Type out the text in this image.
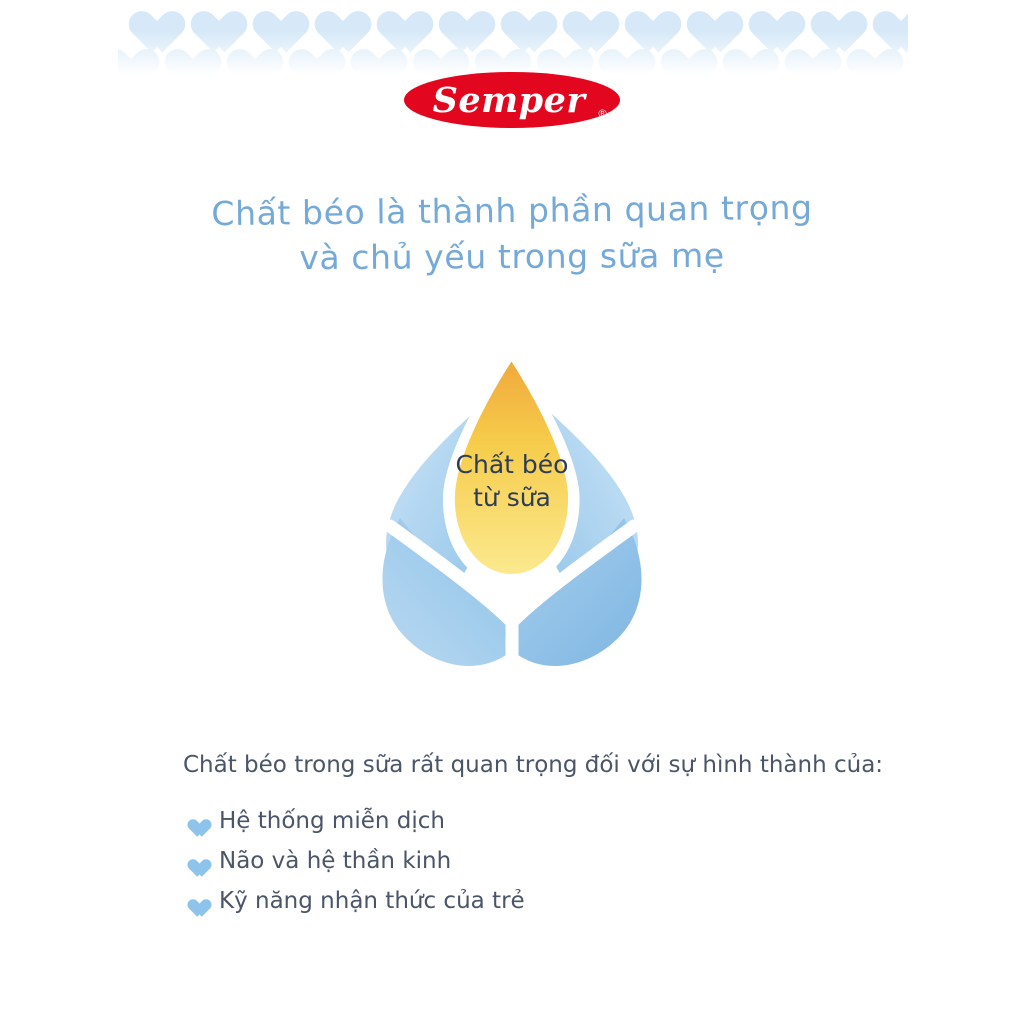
Semper	®
Chất béo là thành phần quan trọng
và chủ yếu trong sữa mẹ
Chất béo
từ sữa
Chất béo trong sữa rất quan trọng đối với sự hình thành của:
Hệ thống miễn dịch
Não và hệ thần kinh
Kỹ năng nhận thức của trẻ
